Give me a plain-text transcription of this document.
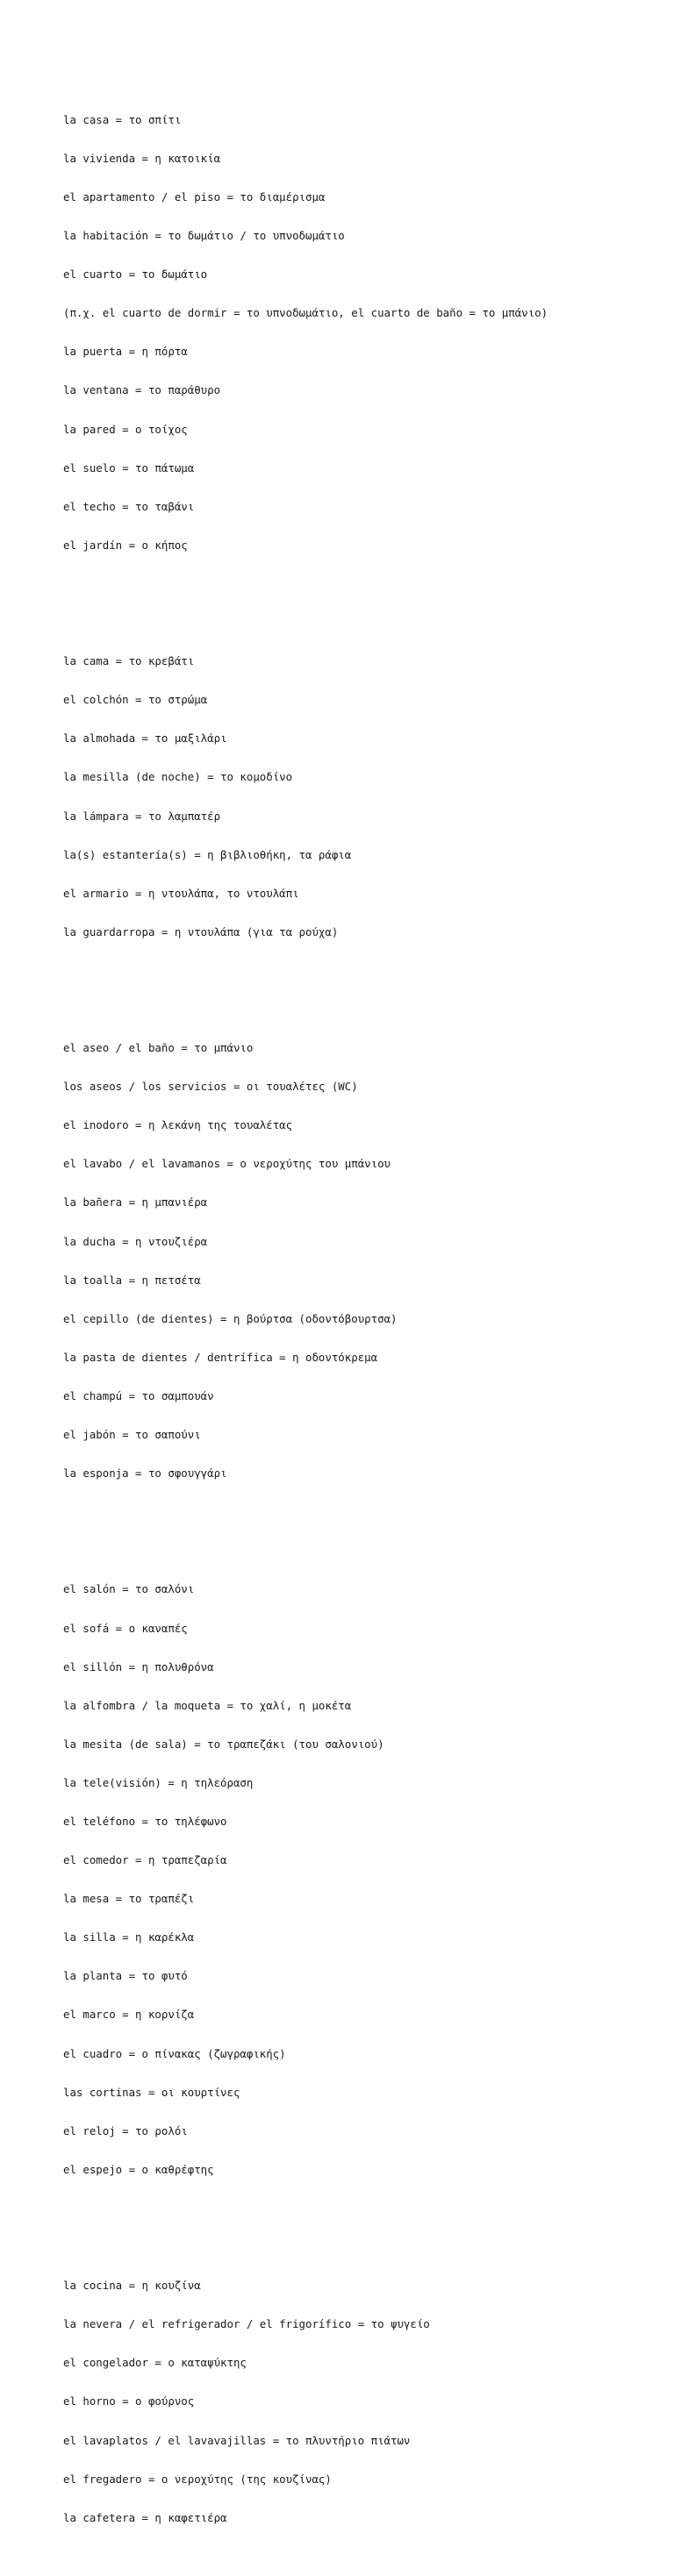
la casa = το σπίτι

la vivienda = η κατοικία

el apartamento / el piso = το διαμέρισμα

la habitación = το δωμάτιο / το υπνοδωμάτιο

el cuarto = το δωμάτιο

(π.χ. el cuarto de dormir = το υπνοδωμάτιο, el cuarto de baño = το μπάνιο)

la puerta = η πόρτα

la ventana = το παράθυρο

la pared = ο τοίχος

el suelo = το πάτωμα

el techo = το ταβάνι

el jardín = ο κήπος

la cama = το κρεβάτι

el colchón = το στρώμα

la almohada = το μαξιλάρι

la mesilla (de noche) = το κομοδίνο

la lámpara = το λαμπατέρ

la(s) estantería(s) = η βιβλιοθήκη, τα ράφια

el armario = η ντουλάπα, το ντουλάπι

la guardarropa = η ντουλάπα (για τα ρούχα)

el aseo / el baño = το μπάνιο

los aseos / los servicios = οι τουαλέτες (WC)

el inodoro = η λεκάνη της τουαλέτας

el lavabo / el lavamanos = ο νεροχύτης του μπάνιου

la bañera = η μπανιέρα

la ducha = η ντουζιέρα

la toalla = η πετσέτα

el cepillo (de dientes) = η βούρτσα (οδοντόβουρτσα)

la pasta de dientes / dentrífica = η οδοντόκρεμα

el champú = το σαμπουάν

el jabón = το σαπούνι

la esponja = το σφουγγάρι

el salón = το σαλόνι

el sofá = ο καναπές

el sillón = η πολυθρόνα

la alfombra / la moqueta = το χαλί, η μοκέτα

la mesita (de sala) = το τραπεζάκι (του σαλονιού)

la tele(visión) = η τηλεόραση

el teléfono = το τηλέφωνο

el comedor = η τραπεζαρία

la mesa = το τραπέζι

la silla = η καρέκλα

la planta = το φυτό

el marco = η κορνίζα

el cuadro = ο πίνακας (ζωγραφικής)

las cortinas = οι κουρτίνες

el reloj = το ρολόι

el espejo = ο καθρέφτης

la cocina = η κουζίνα

la nevera / el refrigerador / el frigorífico = το ψυγείο

el congelador = ο καταψύκτης

el horno = ο φούρνος

el lavaplatos / el lavavajillas = το πλυντήριο πιάτων

el fregadero = ο νεροχύτης (της κουζίνας)

la cafetera = η καφετιέρα
